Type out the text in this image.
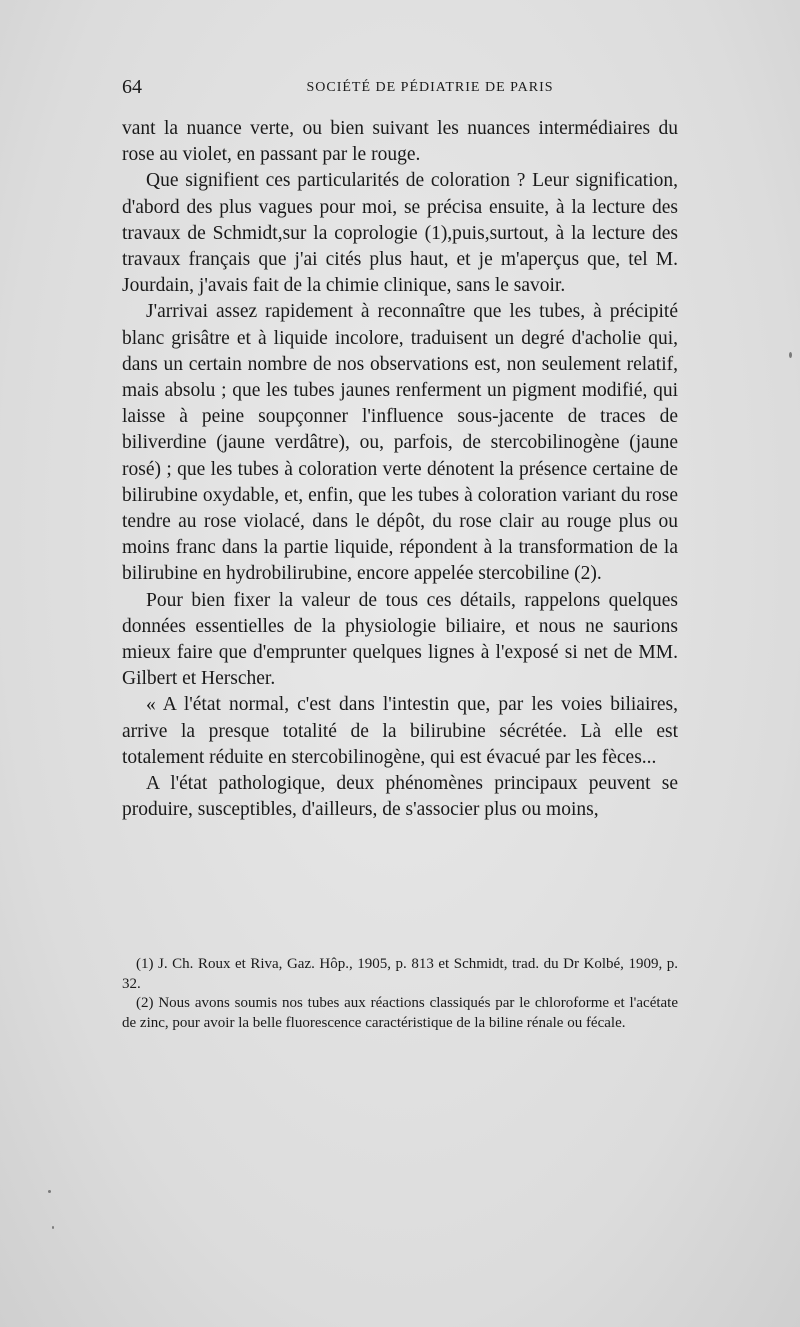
64	SOCIÉTÉ DE PÉDIATRIE DE PARIS

vant la nuance verte, ou bien suivant les nuances intermédiaires du rose au violet, en passant par le rouge.

Que signifient ces particularités de coloration ? Leur signification, d'abord des plus vagues pour moi, se précisa ensuite, à la lecture des travaux de Schmidt,sur la coprologie (1),puis,surtout, à la lecture des travaux français que j'ai cités plus haut, et je m'aperçus que, tel M. Jourdain, j'avais fait de la chimie clinique, sans le savoir.

J'arrivai assez rapidement à reconnaître que les tubes, à précipité blanc grisâtre et à liquide incolore, traduisent un degré d'acholie qui, dans un certain nombre de nos observations est, non seulement relatif, mais absolu ; que les tubes jaunes renferment un pigment modifié, qui laisse à peine soupçonner l'influence sous-jacente de traces de biliverdine (jaune verdâtre), ou, parfois, de stercobilinogène (jaune rosé) ; que les tubes à coloration verte dénotent la présence certaine de bilirubine oxydable, et, enfin, que les tubes à coloration variant du rose tendre au rose violacé, dans le dépôt, du rose clair au rouge plus ou moins franc dans la partie liquide, répondent à la transformation de la bilirubine en hydrobilirubine, encore appelée stercobiline (2).

Pour bien fixer la valeur de tous ces détails, rappelons quelques données essentielles de la physiologie biliaire, et nous ne saurions mieux faire que d'emprunter quelques lignes à l'exposé si net de MM. Gilbert et Herscher.

« A l'état normal, c'est dans l'intestin que, par les voies biliaires, arrive la presque totalité de la bilirubine sécrétée. Là elle est totalement réduite en stercobilinogène, qui est évacué par les fèces...

A l'état pathologique, deux phénomènes principaux peuvent se produire, susceptibles, d'ailleurs, de s'associer plus ou moins,

(1) J. Ch. Roux et Riva, Gaz. Hôp., 1905, p. 813 et Schmidt, trad. du Dr Kolbé, 1909, p. 32.

(2) Nous avons soumis nos tubes aux réactions classiqués par le chloroforme et l'acétate de zinc, pour avoir la belle fluorescence caractéristique de la biline rénale ou fécale.
